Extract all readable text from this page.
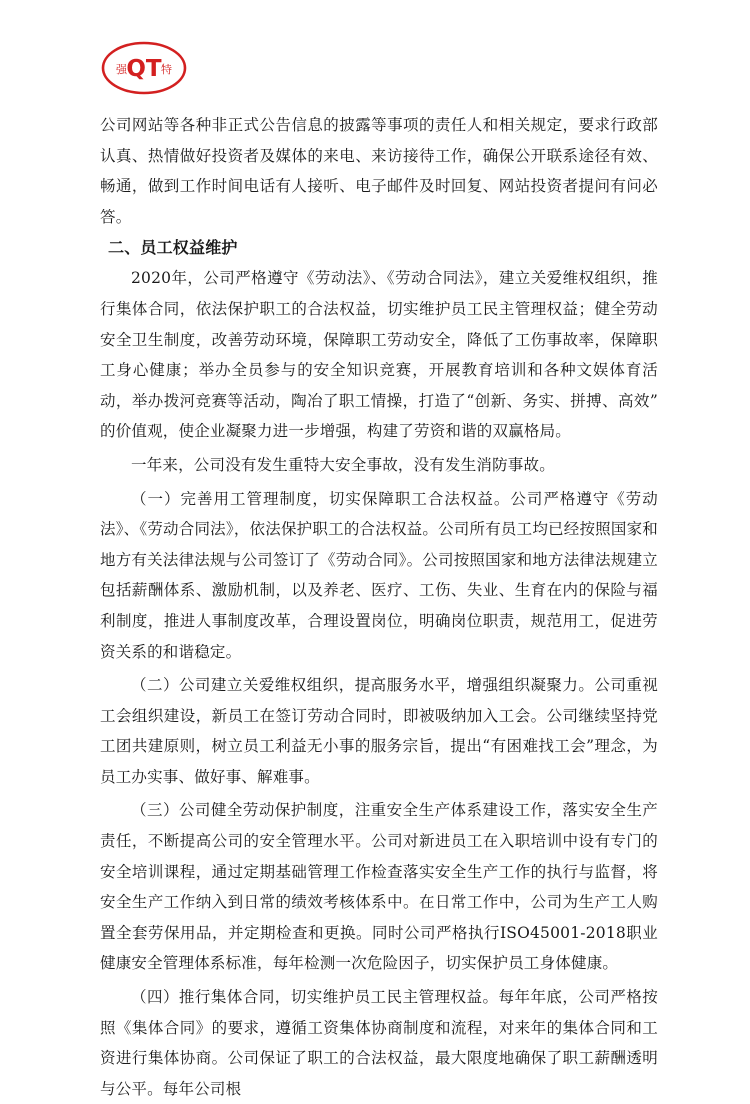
强 QT 特

公司网站等各种非正式公告信息的披露等事项的责任人和相关规定，要求行政部认真、热情做好投资者及媒体的来电、来访接待工作，确保公开联系途径有效、畅通，做到工作时间电话有人接听、电子邮件及时回复、网站投资者提问有问必答。

二、员工权益维护

2020年，公司严格遵守《劳动法》、《劳动合同法》，建立关爱维权组织，推行集体合同，依法保护职工的合法权益，切实维护员工民主管理权益；健全劳动安全卫生制度，改善劳动环境，保障职工劳动安全，降低了工伤事故率，保障职工身心健康；举办全员参与的安全知识竞赛，开展教育培训和各种文娱体育活动，举办拨河竞赛等活动，陶冶了职工情操，打造了“创新、务实、拼搏、高效” 的价值观，使企业凝聚力进一步增强，构建了劳资和谐的双赢格局。

一年来，公司没有发生重特大安全事故，没有发生消防事故。

（一）完善用工管理制度，切实保障职工合法权益。公司严格遵守《劳动法》、《劳动合同法》，依法保护职工的合法权益。公司所有员工均已经按照国家和地方有关法律法规与公司签订了《劳动合同》。公司按照国家和地方法律法规建立包括薪酬体系、激励机制，以及养老、医疗、工伤、失业、生育在内的保险与福利制度，推进人事制度改革，合理设置岗位，明确岗位职责，规范用工，促进劳资关系的和谐稳定。

（二）公司建立关爱维权组织，提高服务水平，增强组织凝聚力。公司重视工会组织建设，新员工在签订劳动合同时，即被吸纳加入工会。公司继续坚持党工团共建原则，树立员工利益无小事的服务宗旨，提出“有困难找工会”理念，为员工办实事、做好事、解难事。

（三）公司健全劳动保护制度，注重安全生产体系建设工作，落实安全生产责任，不断提高公司的安全管理水平。公司对新进员工在入职培训中设有专门的安全培训课程，通过定期基础管理工作检查落实安全生产工作的执行与监督，将安全生产工作纳入到日常的绩效考核体系中。在日常工作中，公司为生产工人购置全套劳保用品，并定期检查和更换。同时公司严格执行ISO45001-2018职业健康安全管理体系标准，每年检测一次危险因子，切实保护员工身体健康。

（四）推行集体合同，切实维护员工民主管理权益。每年年底，公司严格按照《集体合同》的要求，遵循工资集体协商制度和流程，对来年的集体合同和工资进行集体协商。公司保证了职工的合法权益，最大限度地确保了职工薪酬透明与公平。每年公司根
